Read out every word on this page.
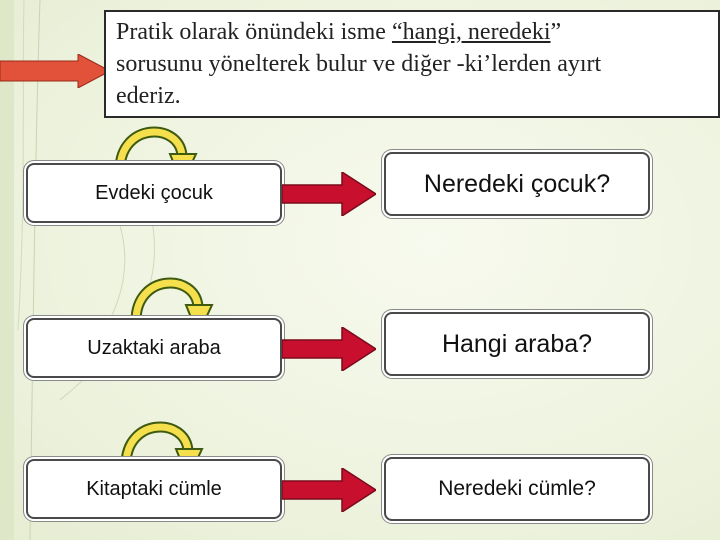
Pratik olarak önündeki isme “hangi, neredeki”
sorusunu yönelterek bulur ve diğer -ki’lerden ayırt
ederiz.
Evdeki çocuk	Neredeki çocuk?
Uzaktaki araba	Hangi araba?
Kitaptaki cümle	Neredeki cümle?
